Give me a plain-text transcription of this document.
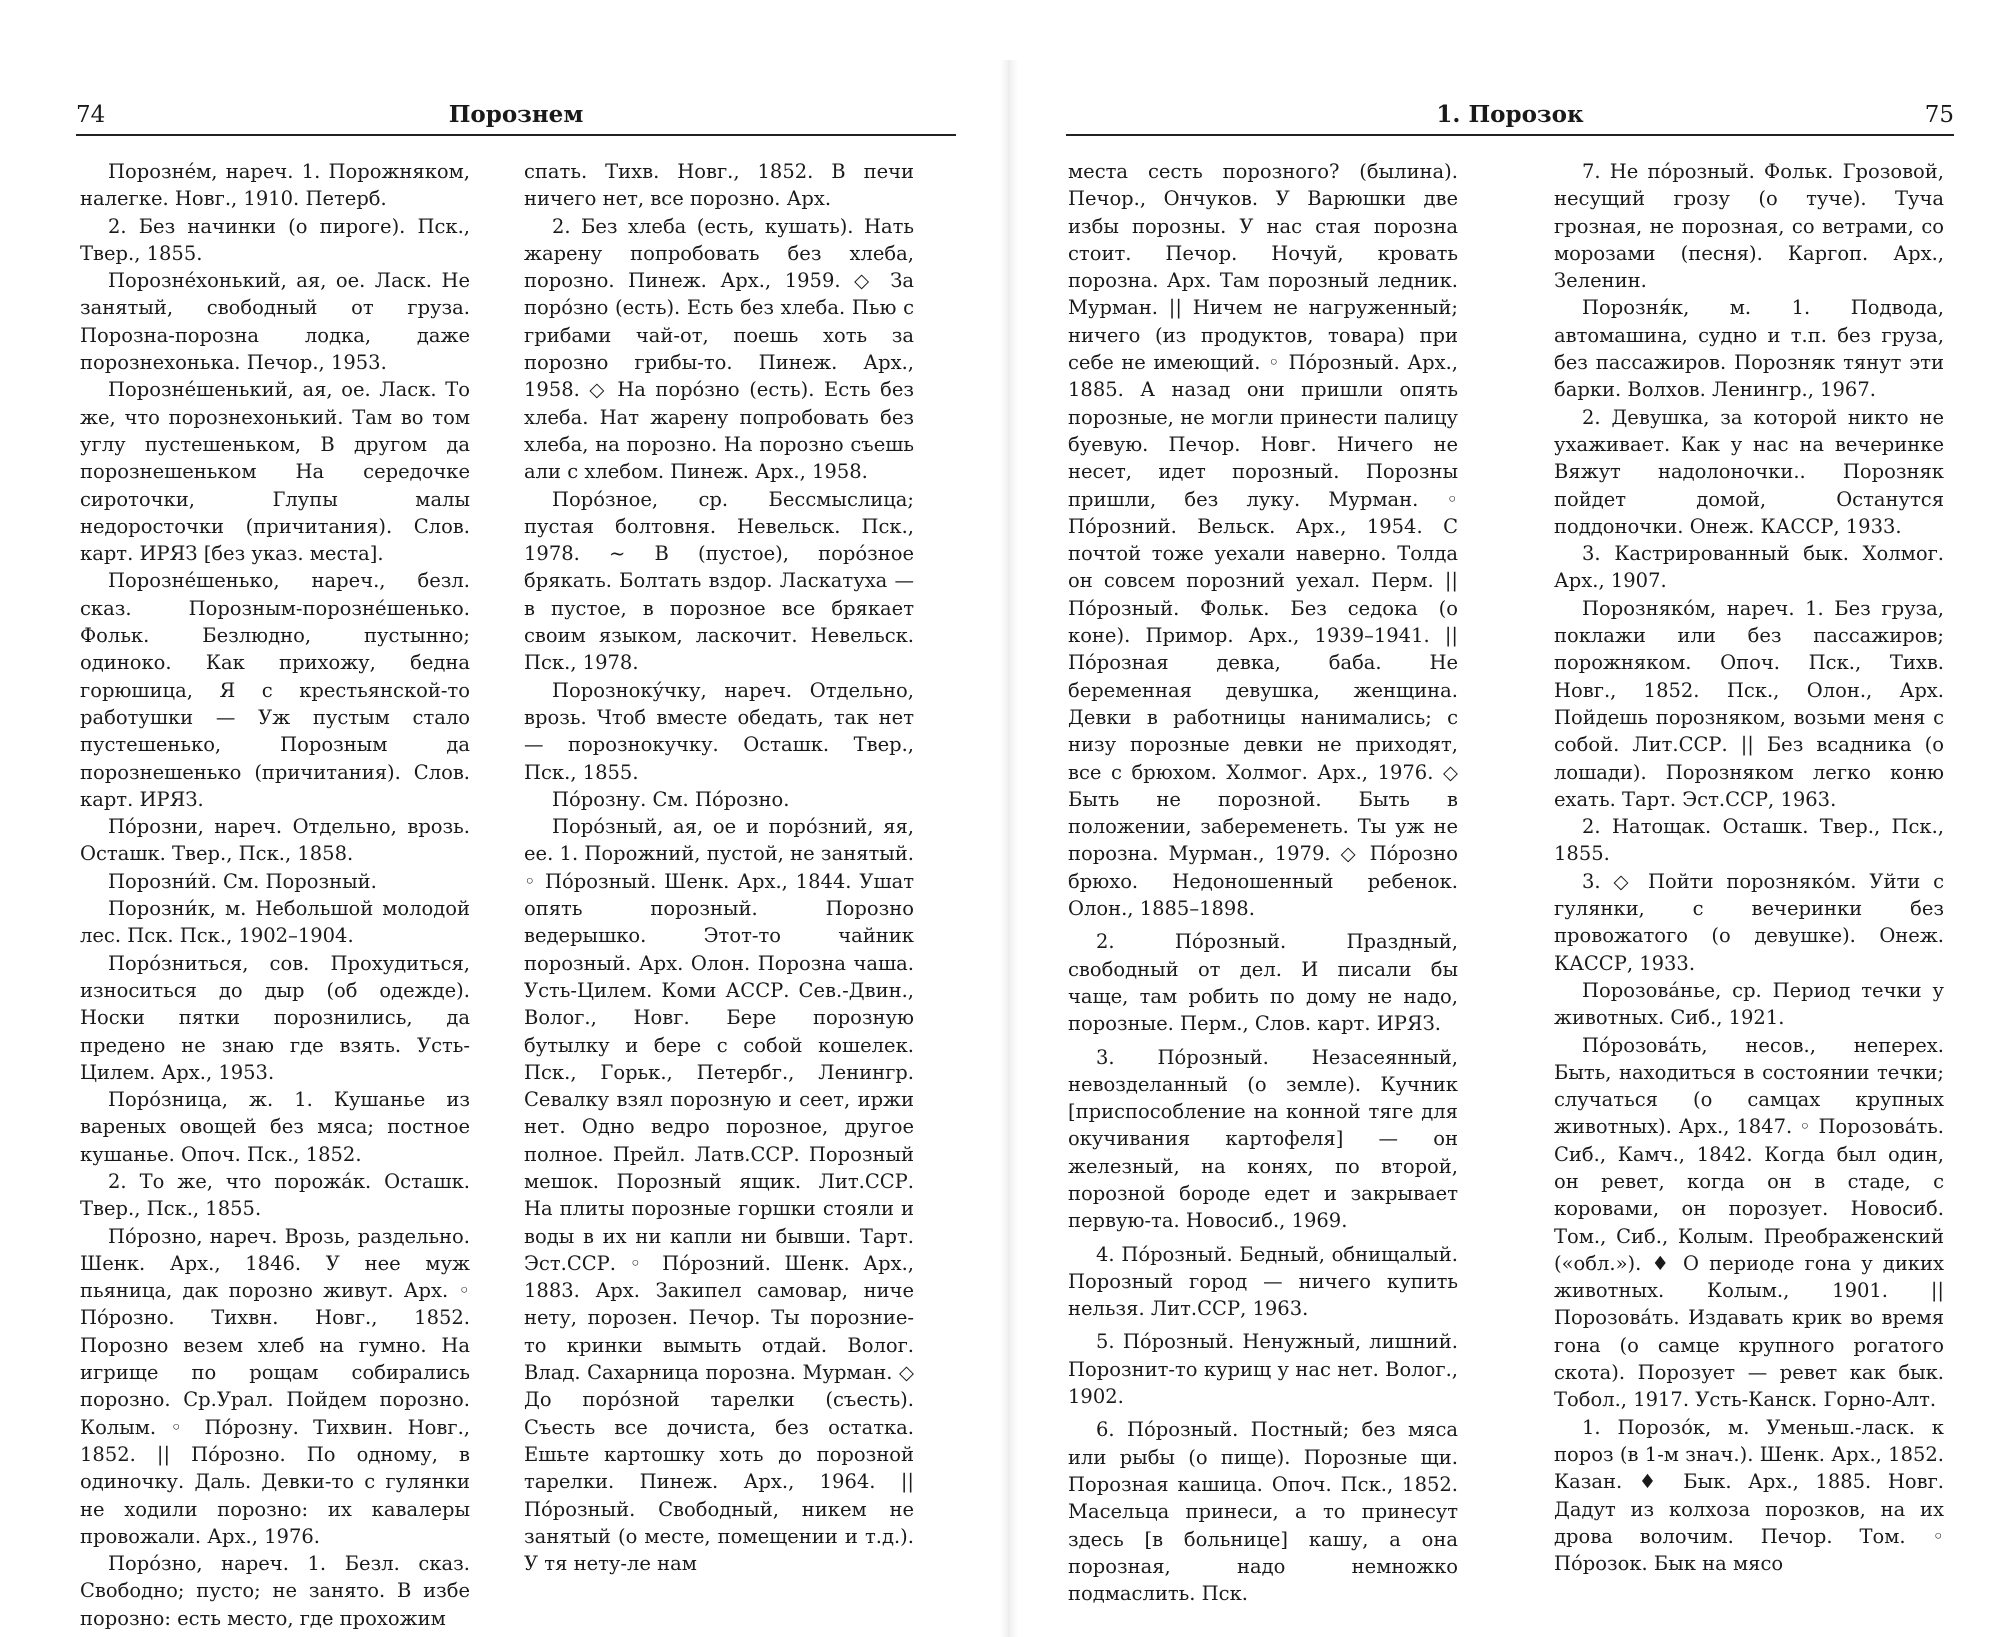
74	Порознем	1. Порозок	75

Порозне́м, нареч. 1. Порожняком, налегке. Новг., 1910. Петерб.

2. Без начинки (о пироге). Пск., Твер., 1855.

Порозне́хонький, ая, ое. Ласк. Не занятый, свободный от груза. Порозна-порозна лодка, даже порознехонька. Печор., 1953.

Порозне́шенький, ая, ое. Ласк. То же, что порознехонький. Там во том углу пустешеньком, В другом да порознешеньком На середочке сироточки, Глупы малы недоросточки (причитания). Слов. карт. ИРЯЗ [без указ. места].

Порозне́шенько, нареч., безл. сказ. Порозным-порозне́шенько. Фольк. Безлюдно, пустынно; одиноко. Как прихожу, бедна горюшица, Я с крестьянской-то работушки — Уж пустым стало пустешенько, Порозным да порознешенько (причитания). Слов. карт. ИРЯЗ.

По́розни, нареч. Отдельно, врозь. Осташк. Твер., Пск., 1858.

Порозни́й. См. Порозный.

Порозни́к, м. Небольшой молодой лес. Пск. Пск., 1902–1904.

Поро́зниться, сов. Прохудиться, износиться до дыр (об одежде). Носки пятки порознились, да предено не знаю где взять. Усть-Цилем. Арх., 1953.

Поро́зница, ж. 1. Кушанье из вареных овощей без мяса; постное кушанье. Опоч. Пск., 1852.

2. То же, что порожа́к. Осташк. Твер., Пск., 1855.

По́розно, нареч. Врозь, раздельно. Шенк. Арх., 1846. У нее муж пьяница, дак порозно живут. Арх. ◦ По́розно. Тихвн. Новг., 1852. Порозно везем хлеб на гумно. На игрище по рощам собирались порозно. Ср.Урал. Пойдем порозно. Колым. ◦ По́розну. Тихвин. Новг., 1852. || По́розно. По одному, в одиночку. Даль. Девки-то с гулянки не ходили порозно: их кавалеры провожали. Арх., 1976.

Поро́зно, нареч. 1. Безл. сказ. Свободно; пусто; не занято. В избе порозно: есть место, где прохожим

спать. Тихв. Новг., 1852. В печи ничего нет, все порозно. Арх.

2. Без хлеба (есть, кушать). Нать жарену попробовать без хлеба, порозно. Пинеж. Арх., 1959. ◇ За поро́зно (есть). Есть без хлеба. Пью с грибами чай-от, поешь хоть за порозно грибы-то. Пинеж. Арх., 1958. ◇ На поро́зно (есть). Есть без хлеба. Нат жарену попробовать без хлеба, на порозно. На порозно съешь али с хлебом. Пинеж. Арх., 1958.

Поро́зное, ср. Бессмыслица; пустая болтовня. Невельск. Пск., 1978. ~ В (пустое), поро́зное брякать. Болтать вздор. Ласкатуха — в пустое, в порозное все брякает своим языком, ласкочит. Невельск. Пск., 1978.

Порознoку́чку, нареч. Отдельно, врозь. Чтоб вместе обедать, так нет — порознокучку. Осташк. Твер., Пск., 1855.

По́розну. См. По́розно.

Поро́зный, ая, ое и поро́зний, яя, ее. 1. Порожний, пустой, не занятый. ◦ По́розный. Шенк. Арх., 1844. Ушат опять порозный. Порозно ведерышко. Этот-то чайник порозный. Арх. Олон. Порозна чаша. Усть-Цилем. Коми АССР. Сев.-Двин., Волог., Новг. Бере порозную бутылку и бере с собой кошелек. Пск., Горьк., Петербг., Ленингр. Севалку взял порозную и сеет, иржи нет. Одно ведро порозное, другое полное. Прейл. Латв.ССР. Порозный мешок. Порозный ящик. Лит.ССР. На плиты порозные горшки стояли и воды в их ни капли ни бывши. Тарт. Эст.ССР. ◦ По́розний. Шенк. Арх., 1883. Арх. Закипел самовар, ниче нету, порозен. Печор. Ты порозние-то кринки вымыть отдай. Волог. Влад. Сахарница порозна. Мурман. ◇ До поро́зной тарелки (съесть). Съесть все дочиста, без остатка. Ешьте картошку хоть до порозной тарелки. Пинеж. Арх., 1964. || По́розный. Свободный, никем не занятый (о месте, помещении и т.д.). У тя нету-ле нам

места сесть порозного? (былина). Печор., Ончуков. У Варюшки две избы порозны. У нас стая порозна стоит. Печор. Ночуй, кровать порозна. Арх. Там порозный ледник. Мурман. || Ничем не нагруженный; ничего (из продуктов, товара) при себе не имеющий. ◦ По́розный. Арх., 1885. А назад они пришли опять порозные, не могли принести палицу буевую. Печор. Новг. Ничего не несет, идет порозный. Порозны пришли, без луку. Мурман. ◦ По́розний. Вельск. Арх., 1954. С почтой тоже уехали наверно. Толда он совсем порозний уехал. Перм. || По́розный. Фольк. Без седока (о коне). Примор. Арх., 1939–1941. || По́розная девка, баба. Не беременная девушка, женщина. Девки в работницы нанимались; с низу порозные девки не приходят, все с брюхом. Холмог. Арх., 1976. ◇ Быть не порозной. Быть в положении, забеременеть. Ты уж не порозна. Мурман., 1979. ◇ По́розно брюхо. Недоношенный ребенок. Олон., 1885–1898.

2. По́розный. Праздный, свободный от дел. И писали бы чаще, там робить по дому не надо, порозные. Перм., Слов. карт. ИРЯЗ.

3. По́розный. Незасеянный, невозделанный (о земле). Кучник [приспособление на конной тяге для окучивания картофеля] — он железный, на конях, по второй, порозной бороде едет и закрывает первую-та. Новосиб., 1969.

4. По́розный. Бедный, обнищалый. Порозный город — ничего купить нельзя. Лит.ССР, 1963.

5. По́розный. Ненужный, лишний. Порознит-то курищ у нас нет. Волог., 1902.

6. По́розный. Постный; без мяса или рыбы (о пище). Порозные щи. Порозная кашица. Опоч. Пск., 1852. Масельца принеси, а то принесут здесь [в больнице] кашу, а она порозная, надо немножко подмаслить. Пск.

7. Не по́розный. Фольк. Грозовой, несущий грозу (о туче). Туча грозная, не порозная, со ветрами, со морозами (песня). Каргоп. Арх., Зеленин.

Порозня́к, м. 1. Подвода, автомашина, судно и т.п. без груза, без пассажиров. Порозняк тянут эти барки. Волхов. Ленингр., 1967.

2. Девушка, за которой никто не ухаживает. Как у нас на вечеринке Вяжут надолоночки.. Порозняк пойдет домой, Останутся поддоночки. Онеж. КАССР, 1933.

3. Кастрированный бык. Холмог. Арх., 1907.

Порозняко́м, нареч. 1. Без груза, поклажи или без пассажиров; порожняком. Опоч. Пск., Тихв. Новг., 1852. Пск., Олон., Арх. Пойдешь порозняком, возьми меня с собой. Лит.ССР. || Без всадника (о лошади). Порозняком легко коню ехать. Тарт. Эст.ССР, 1963.

2. Натощак. Осташк. Твер., Пск., 1855.

3. ◇ Пойти порозняко́м. Уйти с гулянки, с вечеринки без провожатого (о девушке). Онеж. КАССР, 1933.

Порозова́нье, ср. Период течки у животных. Сиб., 1921.

По́розова́ть, несов., неперех. Быть, находиться в состоянии течки; случаться (о самцах крупных животных). Арх., 1847. ◦ Порозова́ть. Сиб., Камч., 1842. Когда был один, он ревет, когда он в стаде, с коровами, он порозует. Новосиб. Том., Сиб., Колым. Преображенский («обл.»). ♦ О периоде гона у диких животных. Колым., 1901. || Порозова́ть. Издавать крик во время гона (о самце крупного рогатого скота). Порозует — ревет как бык. Тобол., 1917. Усть-Канск. Горно-Алт.

1. Порозо́к, м. Уменьш.-ласк. к пороз (в 1-м знач.). Шенк. Арх., 1852. Казан. ♦ Бык. Арх., 1885. Новг. Дадут из колхоза порозков, на их дрова волочим. Печор. Том. ◦ По́розок. Бык на мясо
